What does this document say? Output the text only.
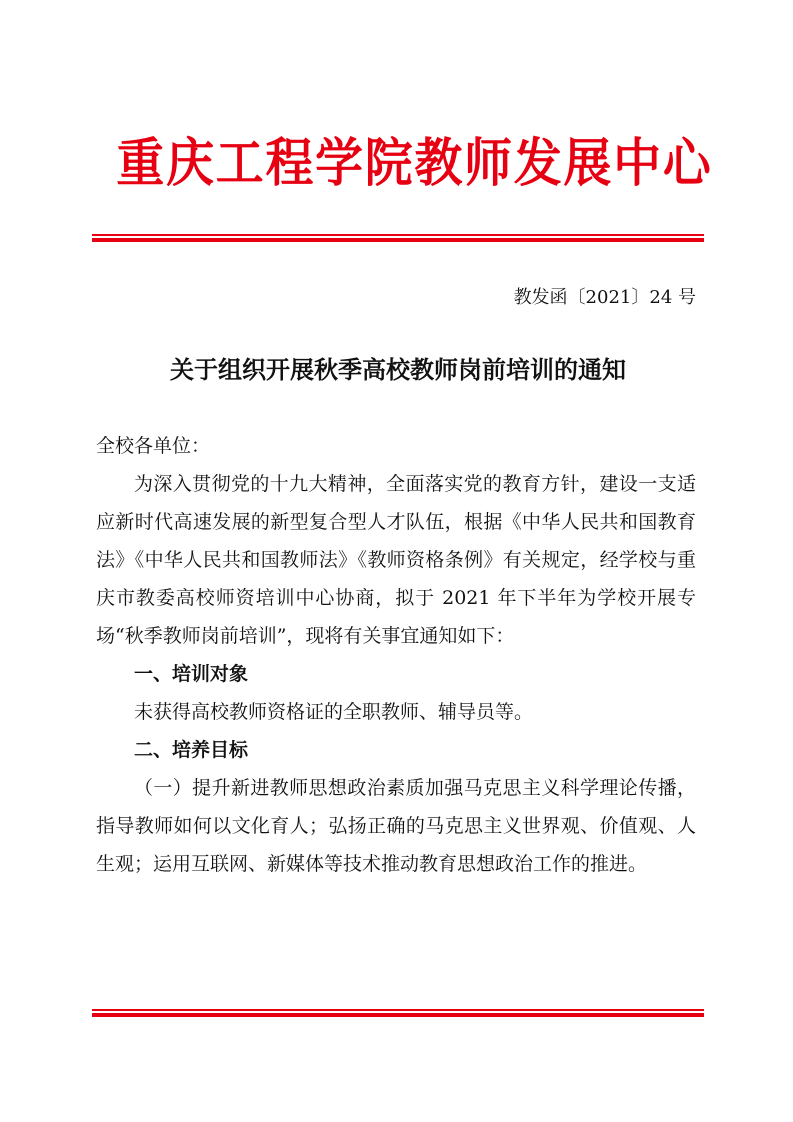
重庆工程学院教师发展中心
教发函〔2021〕24 号
关于组织开展秋季高校教师岗前培训的通知

全校各单位：

为深入贯彻党的十九大精神，全面落实党的教育方针，建设一支适应新时代高速发展的新型复合型人才队伍，根据《中华人民共和国教育法》《中华人民共和国教师法》《教师资格条例》有关规定，经学校与重庆市教委高校师资培训中心协商，拟于 2021 年下半年为学校开展专场“秋季教师岗前培训”，现将有关事宜通知如下：

一、培训对象

未获得高校教师资格证的全职教师、辅导员等。

二、培养目标

（一）提升新进教师思想政治素质加强马克思主义科学理论传播，指导教师如何以文化育人；弘扬正确的马克思主义世界观、价值观、人生观；运用互联网、新媒体等技术推动教育思想政治工作的推进。
